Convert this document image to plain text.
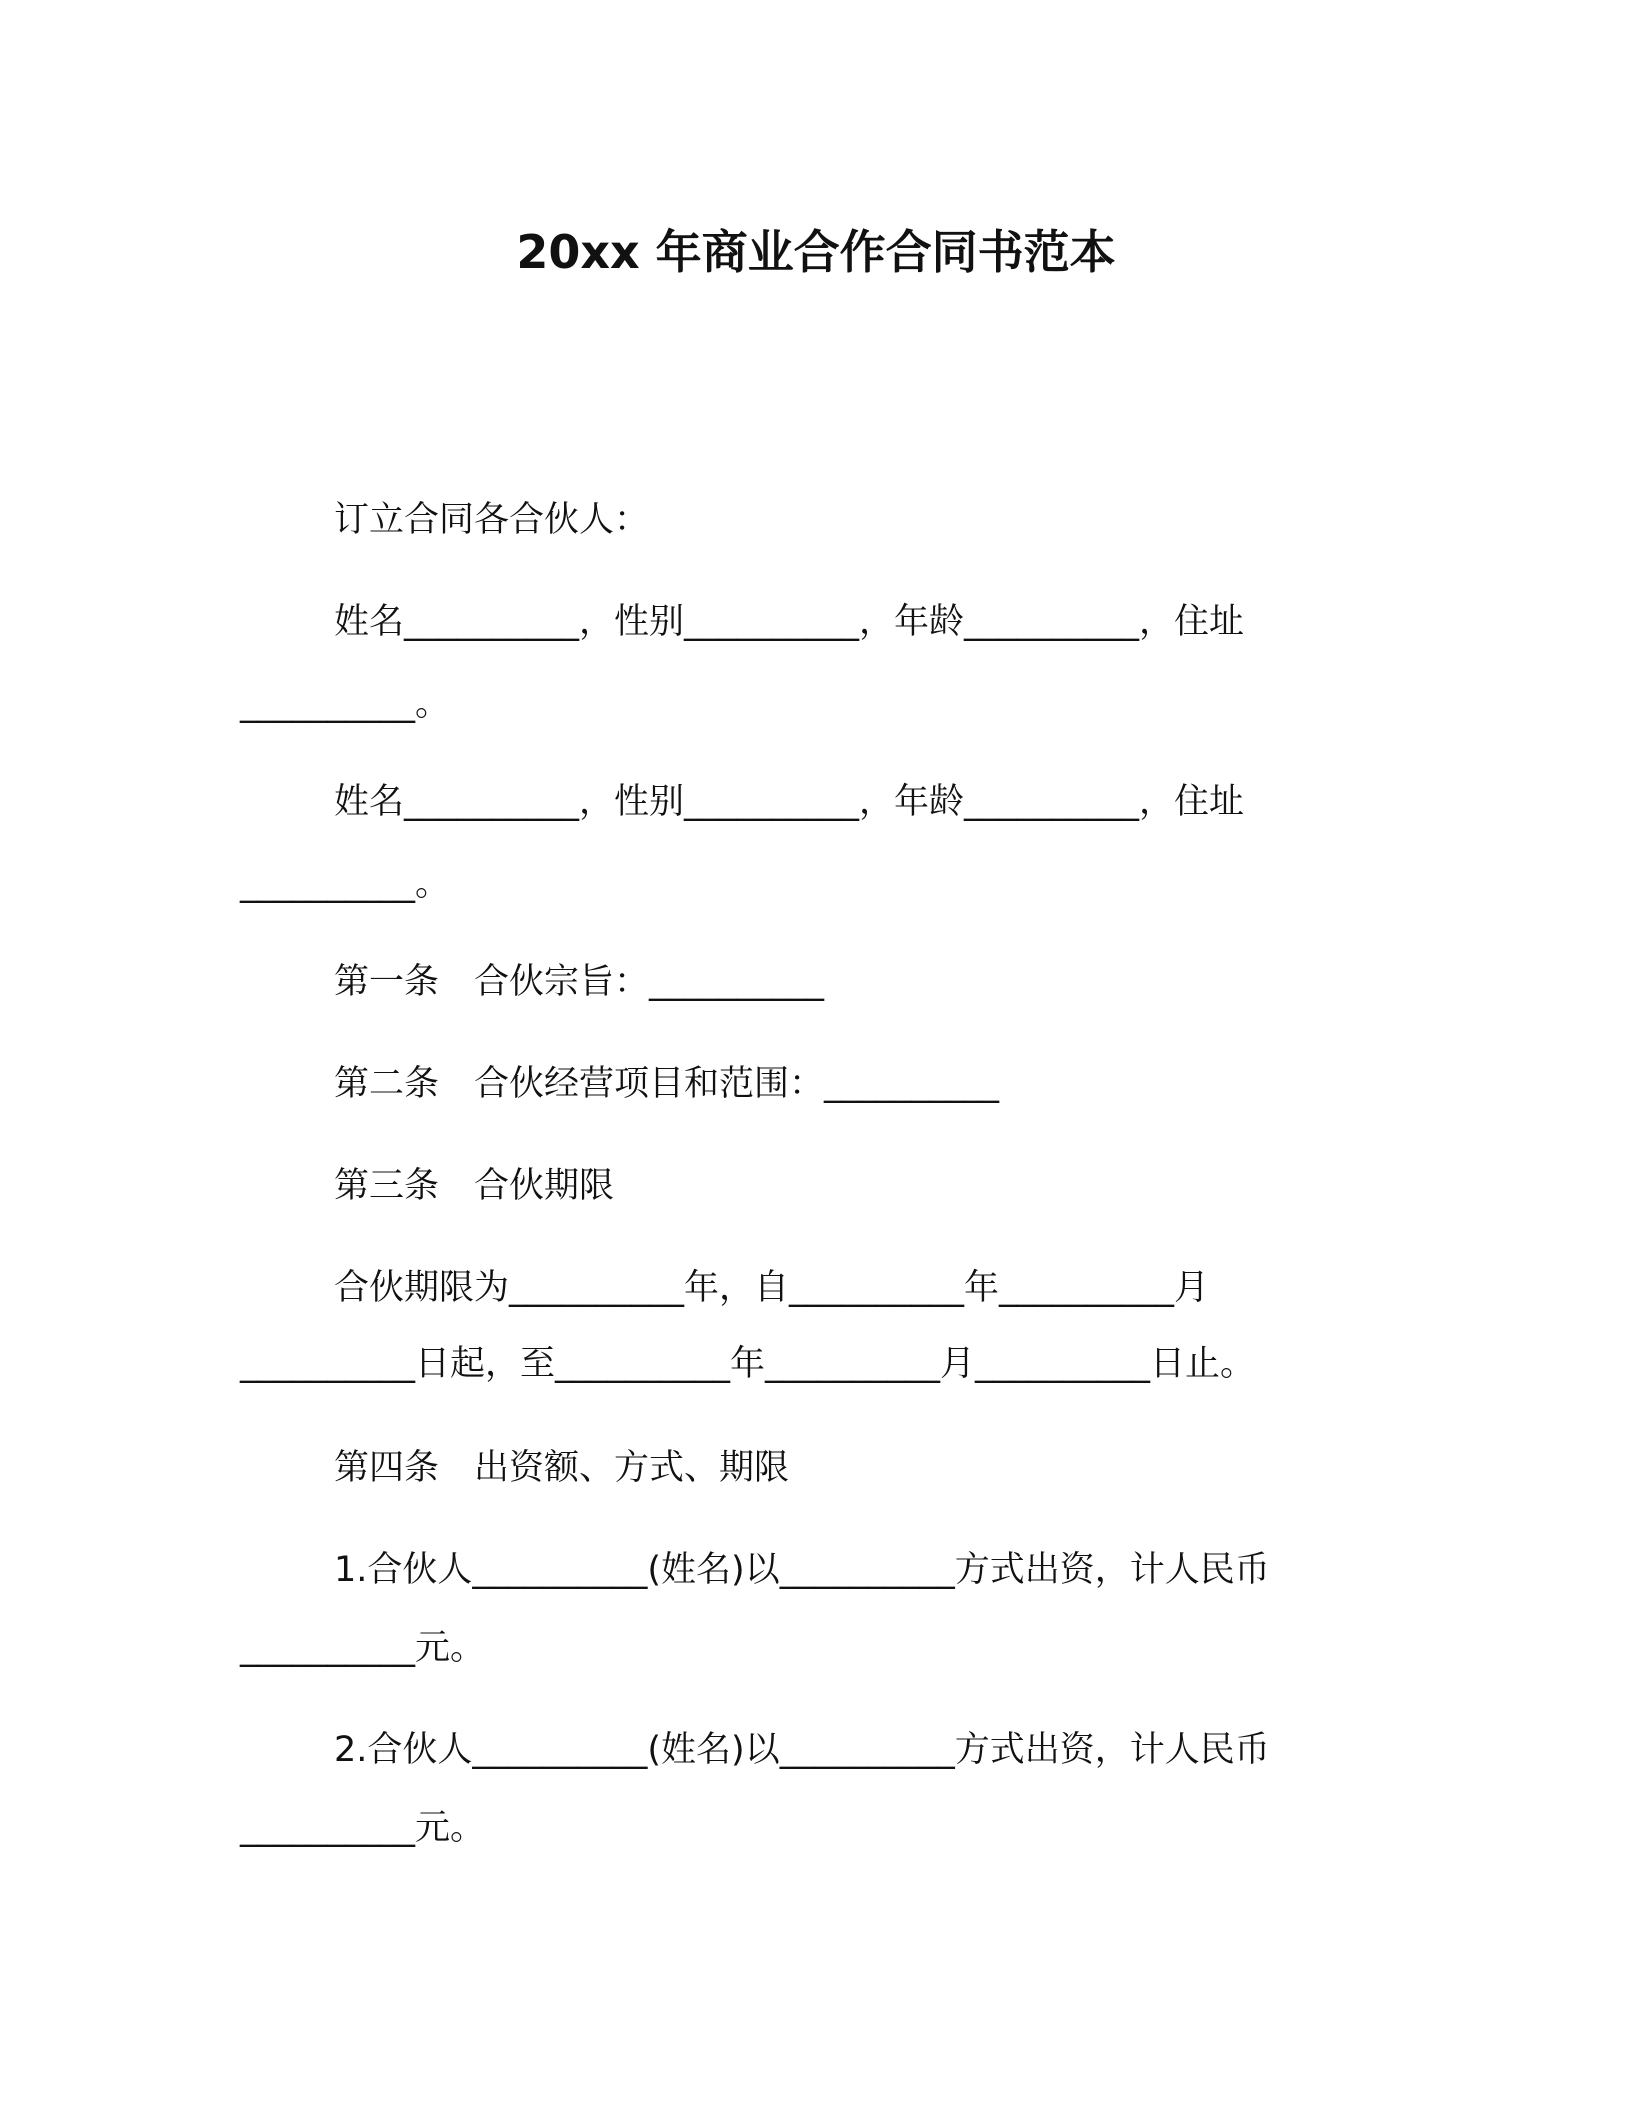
20xx 年商业合作合同书范本

订立合同各合伙人：

姓名__________，性别__________，年龄__________，住址

__________。

姓名__________，性别__________，年龄__________，住址

__________。

第一条　合伙宗旨：__________

第二条　合伙经营项目和范围：__________

第三条　合伙期限

合伙期限为__________年，自__________年__________月

__________日起，至__________年__________月__________日止。

第四条　出资额、方式、期限

1.合伙人__________(姓名)以__________方式出资，计人民币

__________元。

2.合伙人__________(姓名)以__________方式出资，计人民币

__________元。
